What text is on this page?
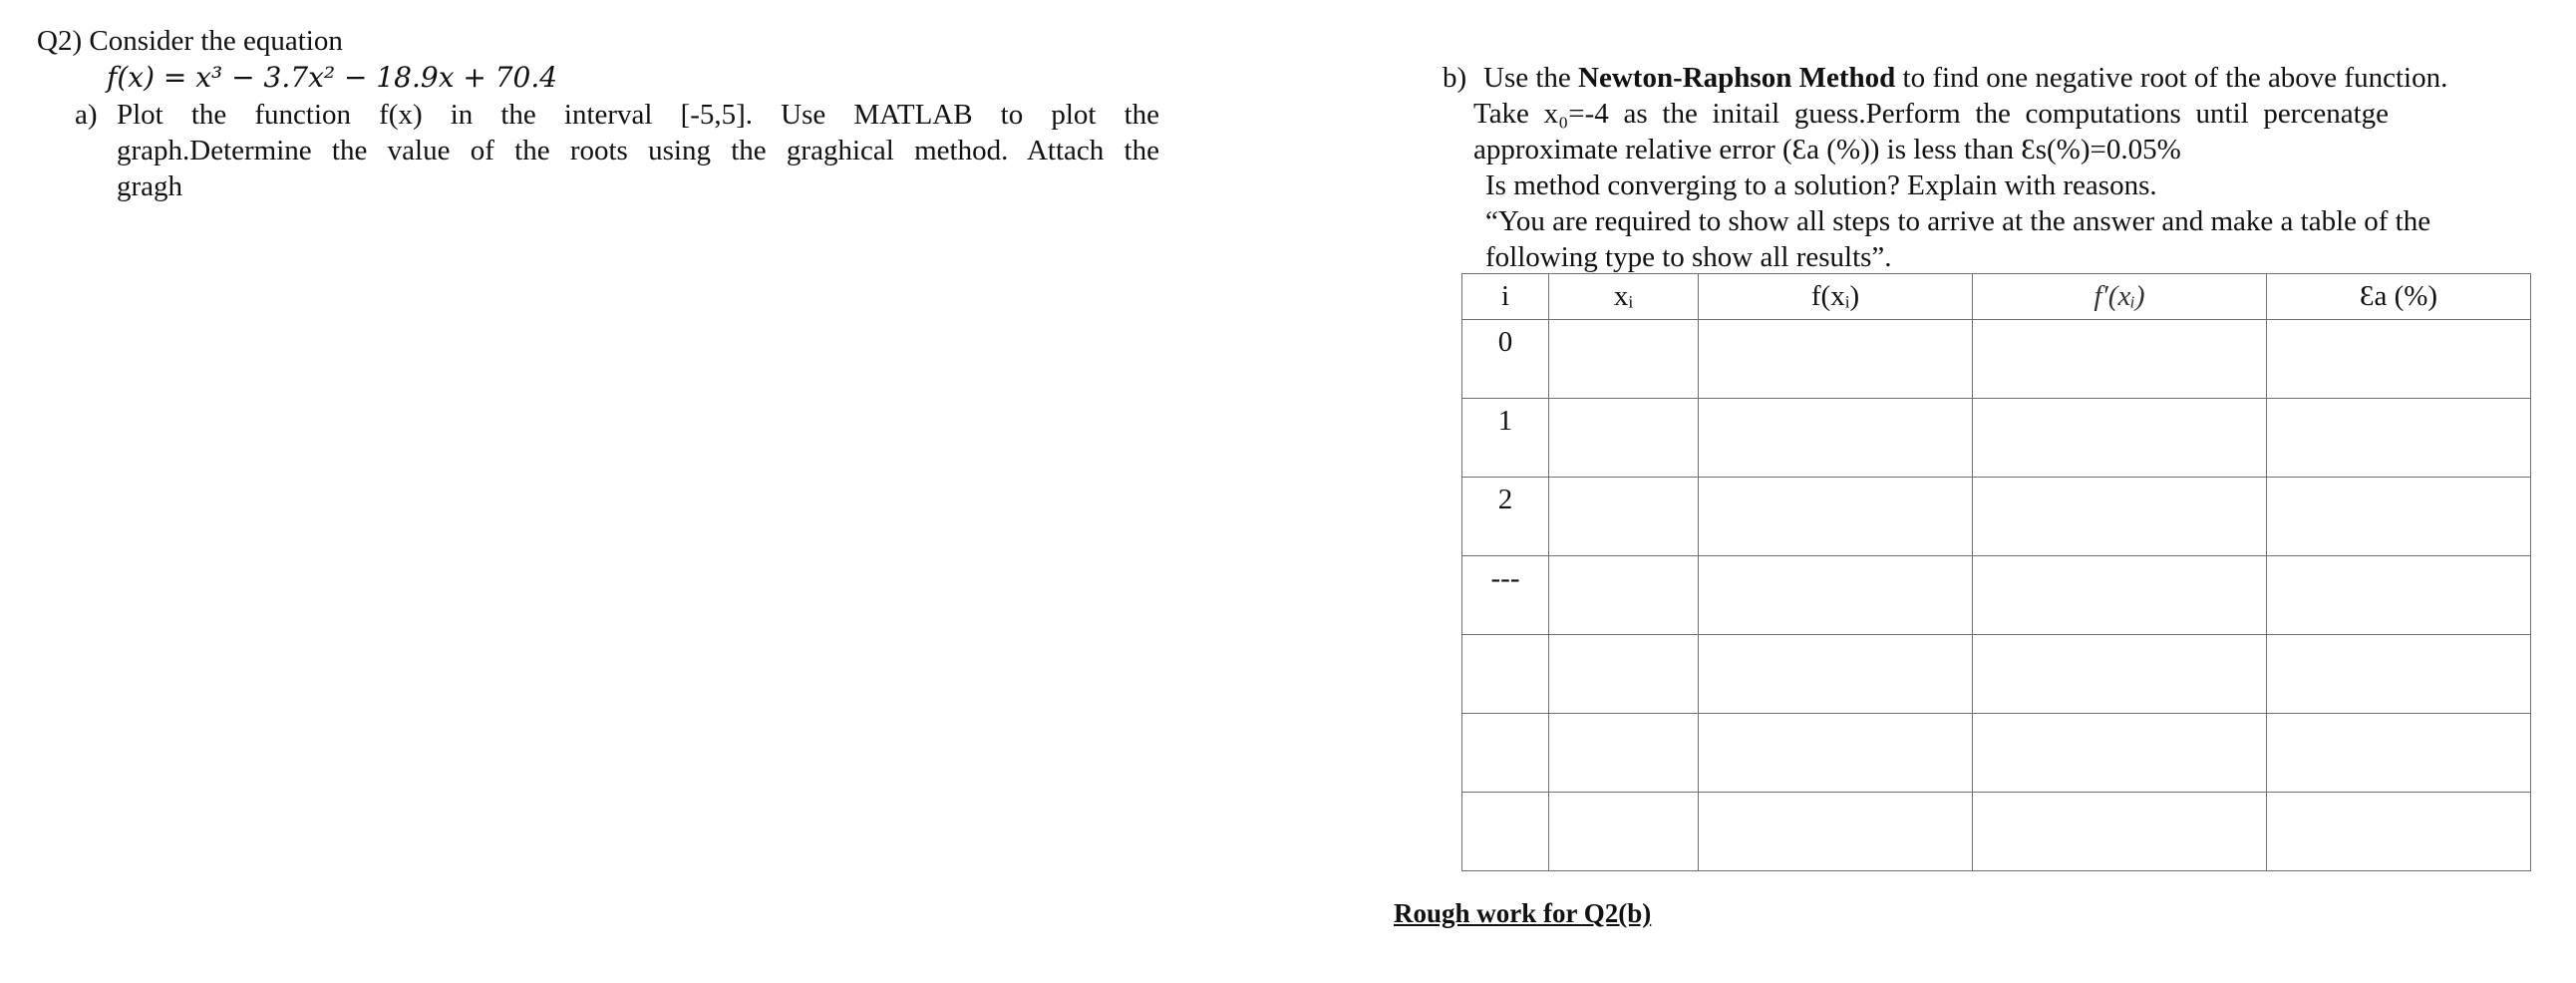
Q2) Consider the equation
f(x) = x³ − 3.7x² − 18.9x + 70.4
a) Plot the function f(x) in the interval [-5,5]. Use MATLAB to plot the
graph.Determine the value of the roots using the graghical method. Attach the
gragh
b) Use the Newton-Raphson Method to find one negative root of the above function.
Take x₀=-4 as the initail guess.Perform the computations until percenatge
approximate relative error (Ɛa (%)) is less than Ɛs(%)=0.05%
Is method converging to a solution? Explain with reasons.
“You are required to show all steps to arrive at the answer and make a table of the
following type to show all results”.
i	xᵢ	f(xᵢ)	f′(xᵢ)	Ɛa (%)
0				
1				
2				
---				

Rough work for Q2(b)
